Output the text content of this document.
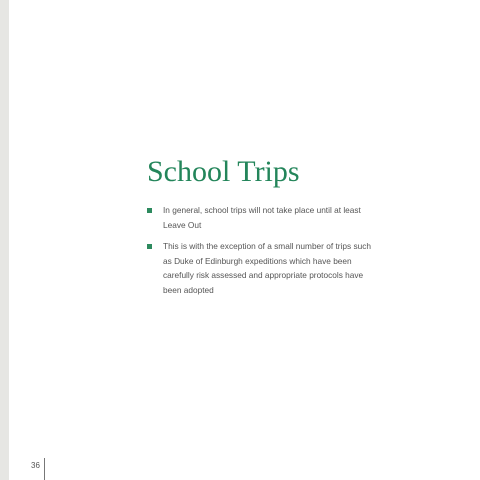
School Trips
In general, school trips will not take place until at least Leave Out
This is with the exception of a small number of trips such as Duke of Edinburgh expeditions which have been carefully risk assessed and appropriate protocols have been adopted
36
